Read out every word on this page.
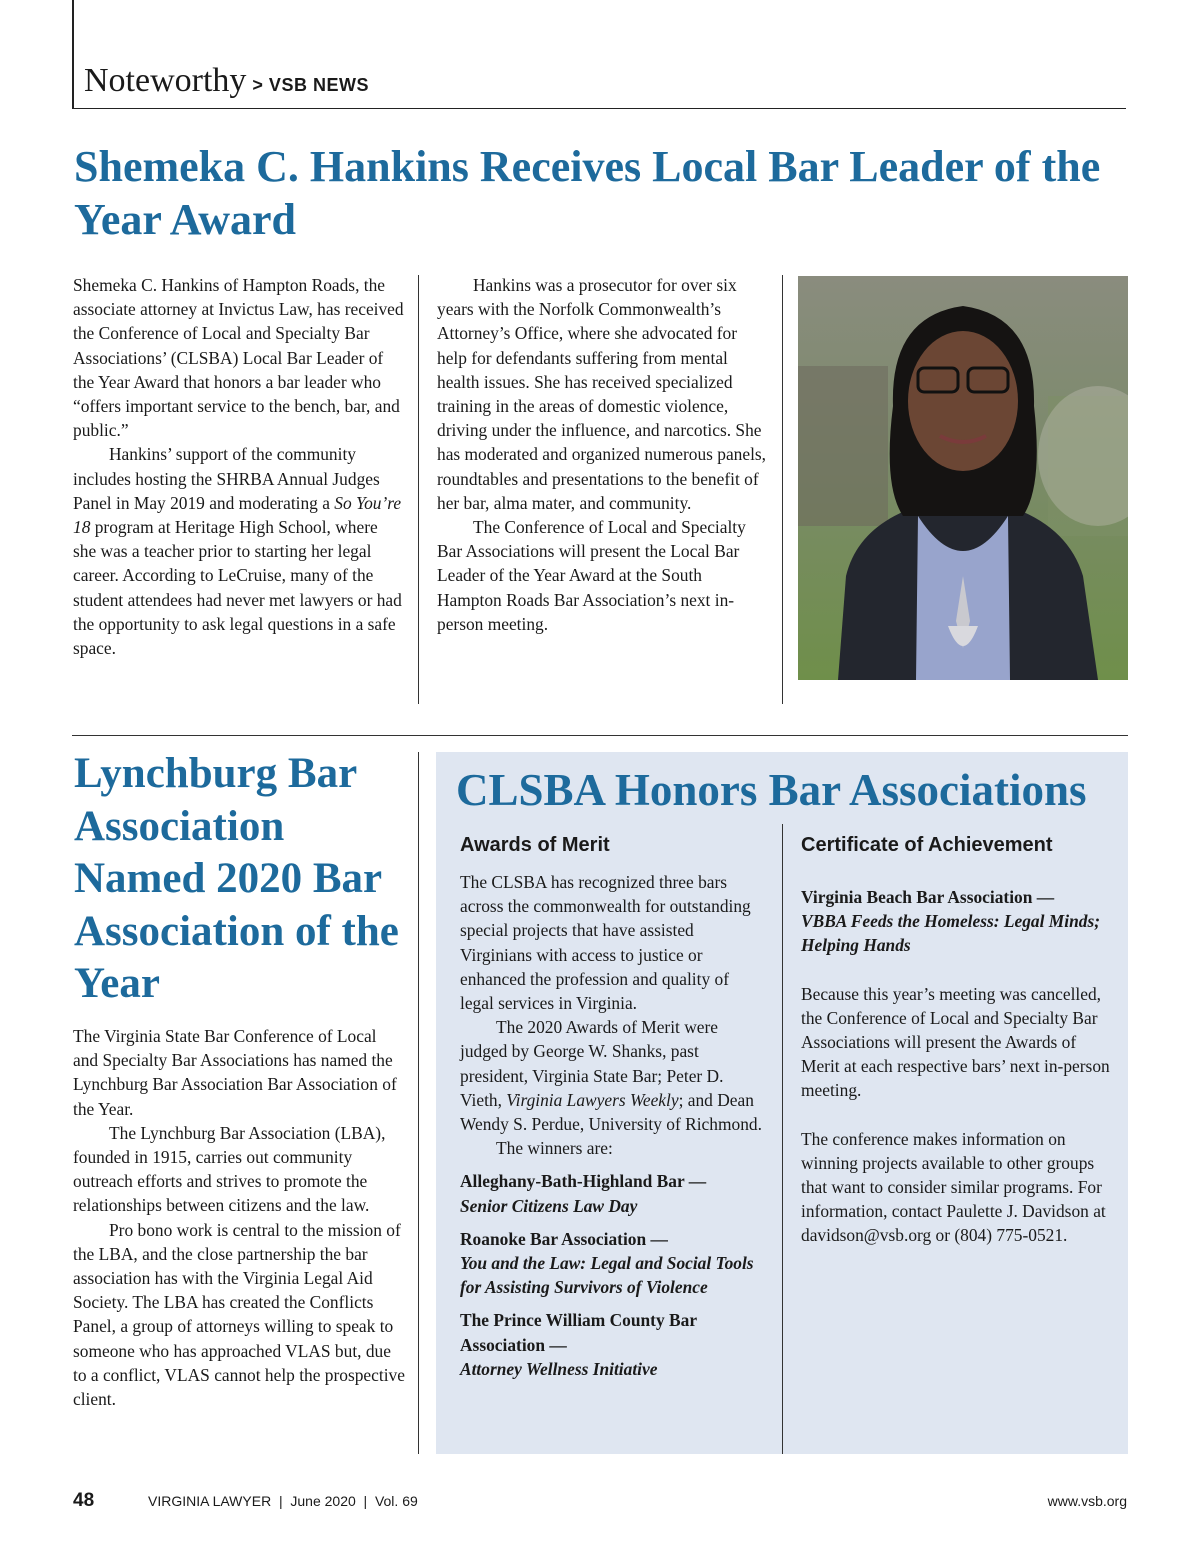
Noteworthy > VSB NEWS
Shemeka C. Hankins Receives Local Bar Leader of the Year Award

Shemeka C. Hankins of Hampton Roads, the associate attorney at Invictus Law, has received the Conference of Local and Specialty Bar Associations’ (CLSBA) Local Bar Leader of the Year Award that honors a bar leader who “offers important service to the bench, bar, and public.”

Hankins’ support of the community includes hosting the SHRBA Annual Judges Panel in May 2019 and moderating a So You’re 18 program at Heritage High School, where she was a teacher prior to starting her legal career. According to LeCruise, many of the student attendees had never met lawyers or had the opportunity to ask legal questions in a safe space.

Hankins was a prosecutor for over six years with the Norfolk Commonwealth’s Attorney’s Office, where she advocated for help for defendants suffering from mental health issues. She has received specialized training in the areas of domestic violence, driving under the influence, and narcotics. She has moderated and organized numerous panels, roundtables and presentations to the benefit of her bar, alma mater, and community.

The Conference of Local and Specialty Bar Associations will present the Local Bar Leader of the Year Award at the South Hampton Roads Bar Association’s next in-person meeting.

Lynchburg Bar Association Named 2020 Bar Association of the Year

The Virginia State Bar Conference of Local and Specialty Bar Associations has named the Lynchburg Bar Association Bar Association of the Year.

The Lynchburg Bar Association (LBA), founded in 1915, carries out community outreach efforts and strives to promote the relationships between citizens and the law.

Pro bono work is central to the mission of the LBA, and the close partnership the bar association has with the Virginia Legal Aid Society. The LBA has created the Conflicts Panel, a group of attorneys willing to speak to someone who has approached VLAS but, due to a conflict, VLAS cannot help the prospective client.

CLSBA Honors Bar Associations
Awards of Merit	Certificate of Achievement

The CLSBA has recognized three bars across the commonwealth for outstanding special projects that have assisted Virginians with access to justice or enhanced the profession and quality of legal services in Virginia.

The 2020 Awards of Merit were judged by George W. Shanks, past president, Virginia State Bar; Peter D. Vieth, Virginia Lawyers Weekly; and Dean Wendy S. Perdue, University of Richmond.

The winners are:

Alleghany-Bath-Highland Bar —
Senior Citizens Law Day

Roanoke Bar Association —
You and the Law: Legal and Social Tools for Assisting Survivors of Violence

The Prince William County Bar Association —
Attorney Wellness Initiative

Virginia Beach Bar Association —
VBBA Feeds the Homeless: Legal Minds; Helping Hands

Because this year’s meeting was cancelled, the Conference of Local and Specialty Bar Associations will present the Awards of Merit at each respective bars’ next in-person meeting.

The conference makes information on winning projects available to other groups that want to consider similar programs. For information, contact Paulette J. Davidson at davidson@vsb.org or (804) 775-0521.

48	VIRGINIA LAWYER  |  June 2020  |  Vol. 69	www.vsb.org
